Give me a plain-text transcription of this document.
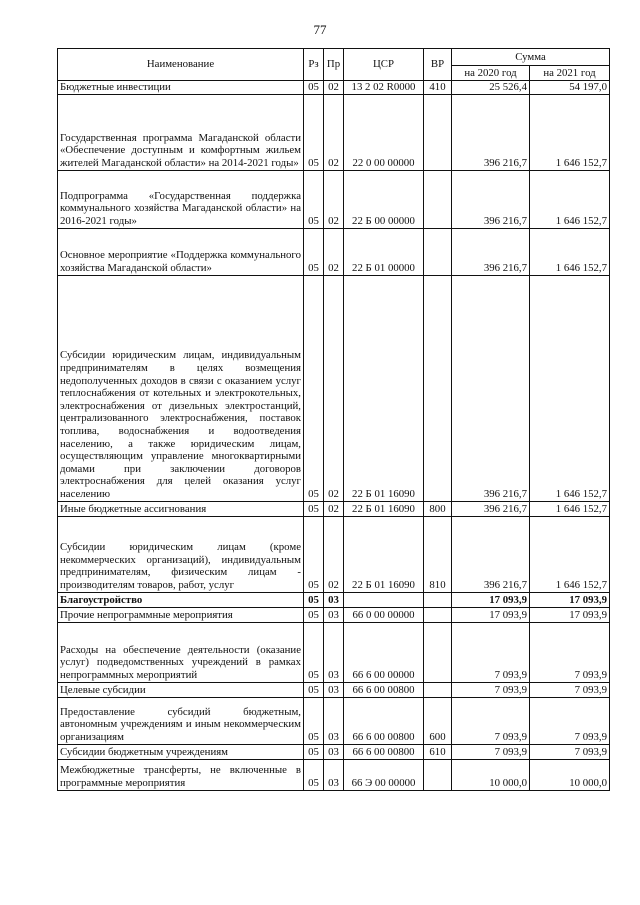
77
Наименование	Рз	Пр	ЦСР	ВР	Сумма	
					на 2020 год	на 2021 год
Бюджетные инвестиции	05	02	13 2 02 R0000	410	25 526,4	54 197,0
Государственная программа Магаданской области «Обеспечение доступным и комфортным жильем жителей Магаданской области» на 2014-2021 годы»	05	02	22 0 00 00000		396 216,7	1 646 152,7
Подпрограмма «Государственная поддержка коммунального хозяйства Магаданской области» на 2016-2021 годы»	05	02	22 Б 00 00000		396 216,7	1 646 152,7
Основное мероприятие «Поддержка коммунального хозяйства Магаданской области»	05	02	22 Б 01 00000		396 216,7	1 646 152,7
Субсидии юридическим лицам, индивидуальным предпринимателям в целях возмещения недополученных доходов в связи с оказанием услуг теплоснабжения от котельных и электрокотельных, электроснабжения от дизельных электростанций, централизованного электроснабжения, поставок топлива, водоснабжения и водоотведения населению, а также юридическим лицам, осуществляющим управление многоквартирными домами при заключении договоров электроснабжения для целей оказания услуг населению	05	02	22 Б 01 16090		396 216,7	1 646 152,7
Иные бюджетные ассигнования	05	02	22 Б 01 16090	800	396 216,7	1 646 152,7
Субсидии юридическим лицам (кроме некоммерческих организаций), индивидуальным предпринимателям, физическим лицам - производителям товаров, работ, услуг	05	02	22 Б 01 16090	810	396 216,7	1 646 152,7
Благоустройство	05	03			17 093,9	17 093,9
Прочие непрограммные мероприятия	05	03	66 0 00 00000		17 093,9	17 093,9
Расходы на обеспечение деятельности (оказание услуг) подведомственных учреждений в рамках непрограммных мероприятий	05	03	66 6 00 00000		7 093,9	7 093,9
Целевые субсидии	05	03	66 6 00 00800		7 093,9	7 093,9
Предоставление субсидий бюджетным, автономным учреждениям и иным некоммерческим организациям	05	03	66 6 00 00800	600	7 093,9	7 093,9
Субсидии бюджетным учреждениям	05	03	66 6 00 00800	610	7 093,9	7 093,9
Межбюджетные трансферты, не включенные в программные мероприятия	05	03	66 Э 00 00000		10 000,0	10 000,0
